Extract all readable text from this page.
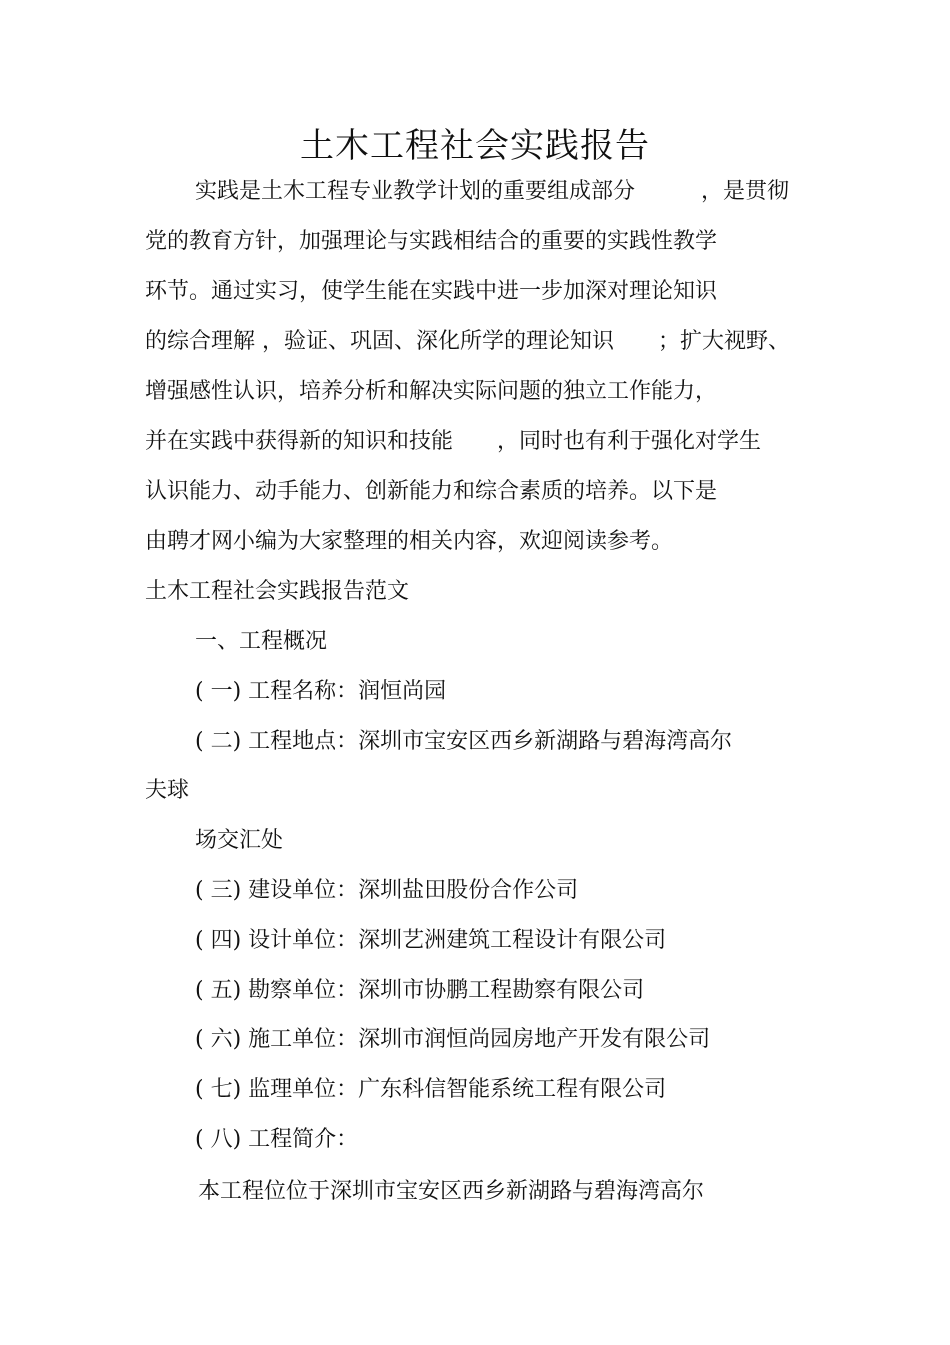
土木工程社会实践报告
实践是土木工程专业教学计划的重要组成部分　　　，是贯彻
党的教育方针，加强理论与实践相结合的重要的实践性教学
环节。通过实习，使学生能在实践中进一步加深对理论知识
的综合理解 ，验证、巩固、深化所学的理论知识　　；扩大视野、
增强感性认识，培养分析和解决实际问题的独立工作能力，
并在实践中获得新的知识和技能　　，同时也有利于强化对学生
认识能力、动手能力、创新能力和综合素质的培养。以下是
由聘才网小编为大家整理的相关内容，欢迎阅读参考。
土木工程社会实践报告范文
一、工程概况
( 一) 工程名称：润恒尚园
( 二) 工程地点：深圳市宝安区西乡新湖路与碧海湾高尔
夫球
场交汇处
( 三) 建设单位：深圳盐田股份合作公司
( 四) 设计单位：深圳艺洲建筑工程设计有限公司
( 五) 勘察单位：深圳市协鹏工程勘察有限公司
( 六) 施工单位：深圳市润恒尚园房地产开发有限公司
( 七) 监理单位：广东科信智能系统工程有限公司
( 八) 工程简介：
本工程位位于深圳市宝安区西乡新湖路与碧海湾高尔
